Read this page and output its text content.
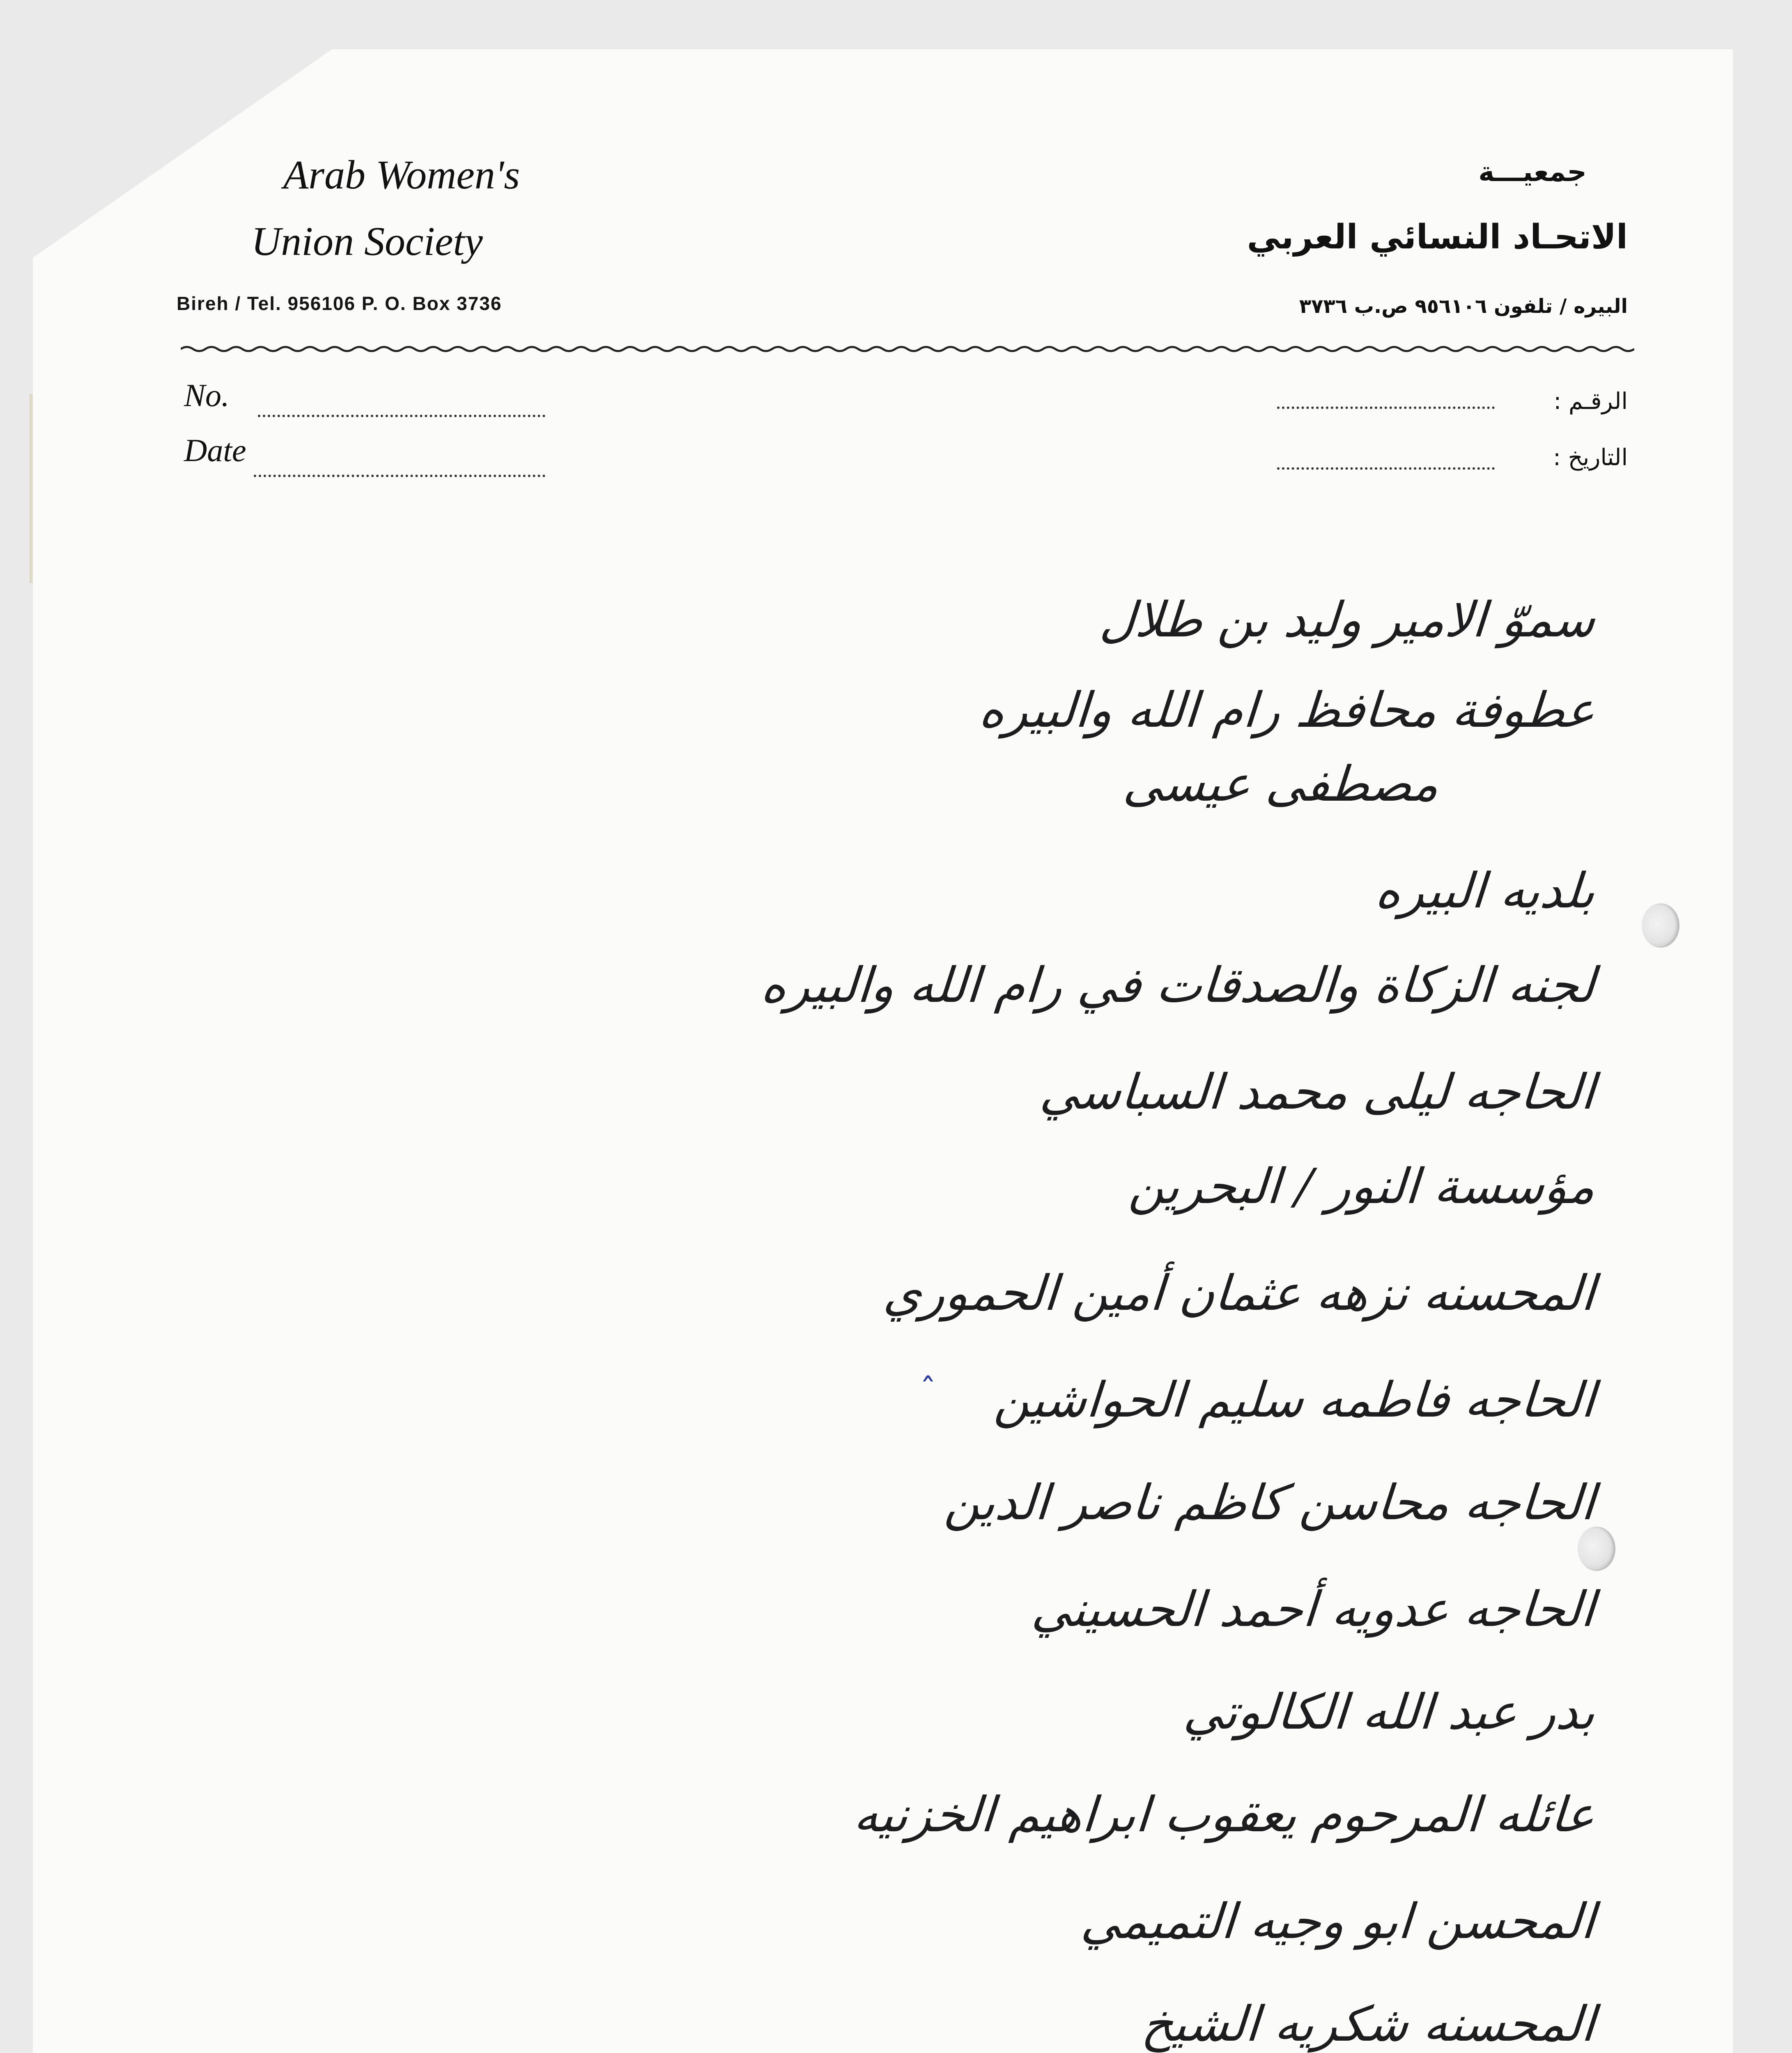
Arab Women's
Union Society
Bireh / Tel. 956106 P. O. Box 3736
جمعيـــة
الاتحـاد النسائي العربي
البيره / تلفون ٩٥٦١٠٦ ص.ب ٣٧٣٦
No.
Date
الرقـم :
التاريخ :
سموّ الامير وليد بن طلال
عطوفة محافظ رام الله والبيره
مصطفى عيسى
بلديه البيره
لجنه الزكاة والصدقات في رام الله والبيره
الحاجه ليلى محمد السباسي
مؤسسة النور / البحرين
المحسنه نزهه عثمان أمين الحموري
الحاجه فاطمه سليم الحواشين
الحاجه محاسن كاظم ناصر الدين
الحاجه عدويه أحمد الحسيني
بدر عبد الله الكالوتي
عائله المرحوم يعقوب ابراهيم الخزنيه
المحسن ابو وجيه التميمي
المحسنه شكريه الشيخ
ˆ
